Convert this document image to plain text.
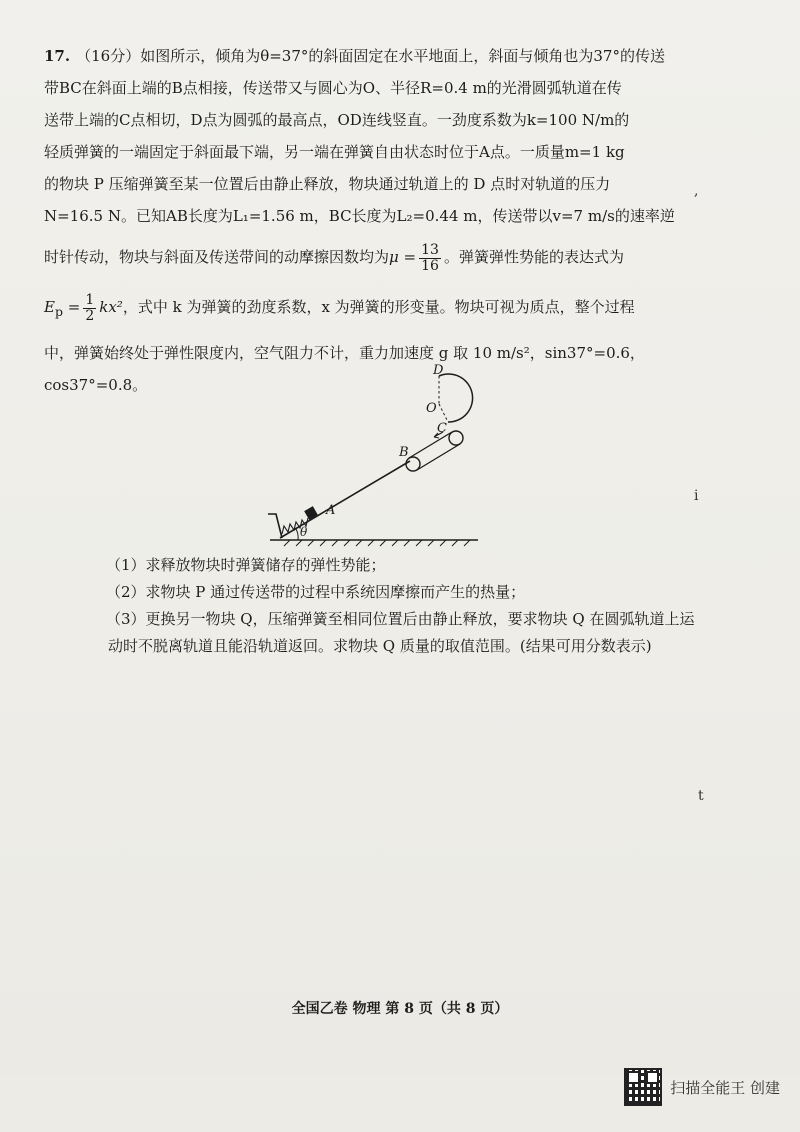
17. （16分）如图所示，倾角为θ=37°的斜面固定在水平地面上，斜面与倾角也为37°的传送

带BC在斜面上端的B点相接，传送带又与圆心为O、半径R=0.4 m的光滑圆弧轨道在传

送带上端的C点相切，D点为圆弧的最高点，OD连线竖直。一劲度系数为k=100 N/m的

轻质弹簧的一端固定于斜面最下端，另一端在弹簧自由状态时位于A点。一质量m=1 kg

的物块 P 压缩弹簧至某一位置后由静止释放，物块通过轨道上的 D 点时对轨道的压力

N=16.5 N。已知AB长度为L₁=1.56 m，BC长度为L₂=0.44 m，传送带以v=7 m/s的速率逆

时针传动，物块与斜面及传送带间的动摩擦因数均为$\mu = \frac{13}{16}$ 。弹簧弹性势能的表达式为

$E_p = \frac{1}{2} kx^2$，式中 k 为弹簧的劲度系数，x 为弹簧的形变量。物块可视为质点，整个过程

中，弹簧始终处于弹性限度内，空气阻力不计，重力加速度 g 取 10 m/s²，sin37°=0.6，

cos37°=0.8。

D
O
C
B
A
θ

（1）求释放物块时弹簧储存的弹性势能；

（2）求物块 P 通过传送带的过程中系统因摩擦而产生的热量；

（3）更换另一物块 Q，压缩弹簧至相同位置后由静止释放，要求物块 Q 在圆弧轨道上运

动时不脱离轨道且能沿轨道返回。求物块 Q 质量的取值范围。(结果可用分数表示)

,
i
t
全国乙卷 物理 第 8 页（共 8 页）
扫描全能王 创建
